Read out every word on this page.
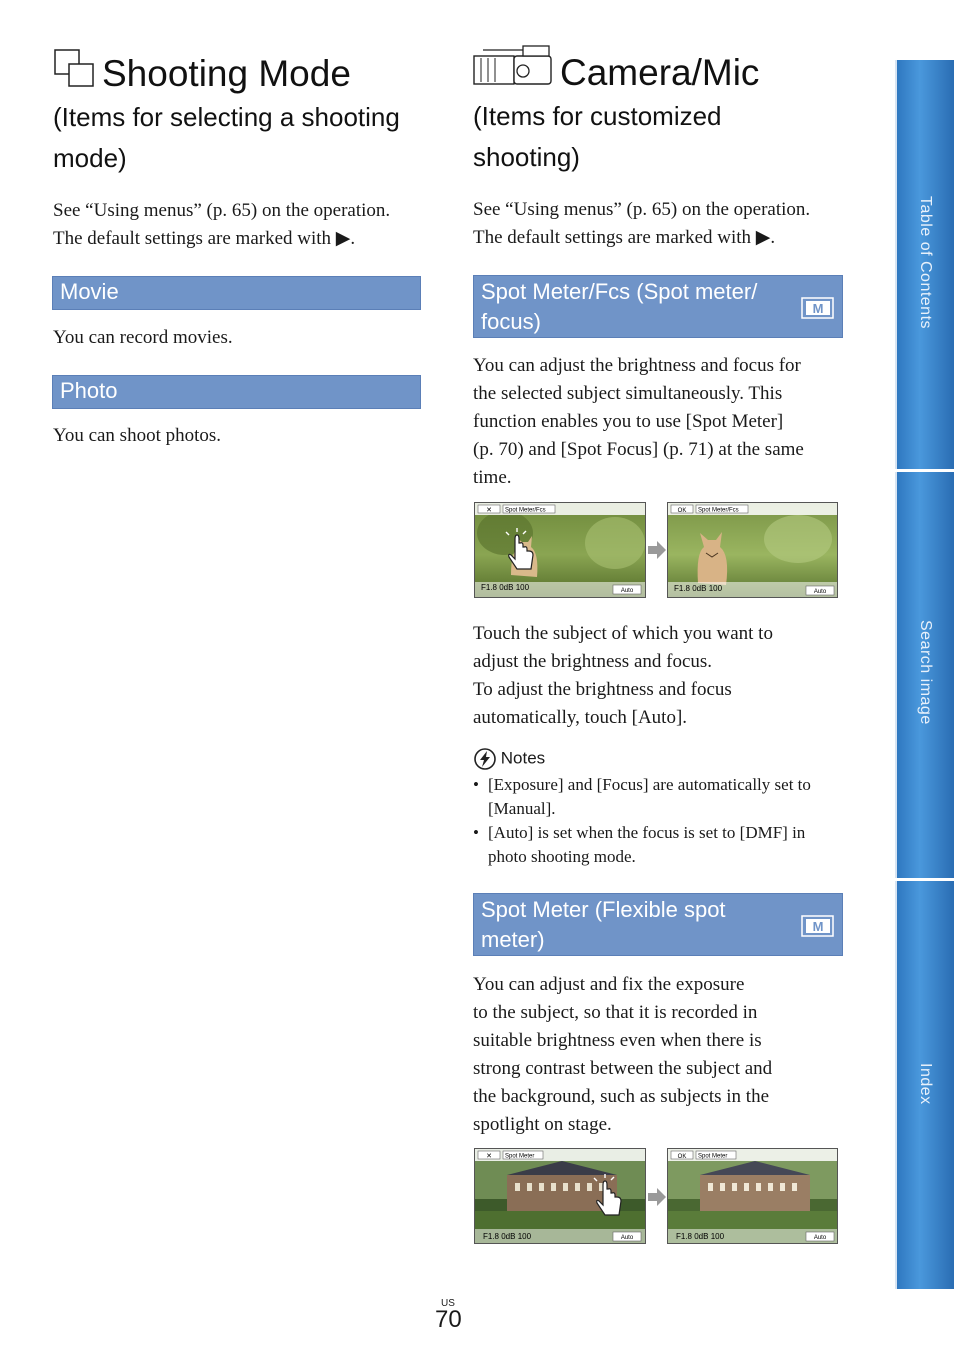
Shooting Mode
(Items for selecting a shooting mode)
See “Using menus” (p. 65) on the operation.
The default settings are marked with ▶.
Movie
You can record movies.
Photo
You can shoot photos.
Camera/Mic
(Items for customized
shooting)
See “Using menus” (p. 65) on the operation.
The default settings are marked with ▶.
Spot Meter/Fcs (Spot meter/
focus)
M
You can adjust the brightness and focus for
the selected subject simultaneously. This
function enables you to use [Spot Meter]
(p. 70) and [Spot Focus] (p. 71) at the same
time.
✕ Spot Meter/Fcs
F1.8 0dB 100	Auto
OK Spot Meter/Fcs
F1.8 0dB 100	Auto
Touch the subject of which you want to
adjust the brightness and focus.
To adjust the brightness and focus
automatically, touch [Auto].
Notes
• [Exposure] and [Focus] are automatically set to [Manual].
• [Auto] is set when the focus is set to [DMF] in photo shooting mode.
Spot Meter (Flexible spot
meter)
M
You can adjust and fix the exposure
to the subject, so that it is recorded in
suitable brightness even when there is
strong contrast between the subject and
the background, such as subjects in the
spotlight on stage.
✕ Spot Meter
F1.8 0dB 100	Auto
OK Spot Meter
F1.8 0dB 100	Auto
US
70
Table of Contents
Search image
Index
